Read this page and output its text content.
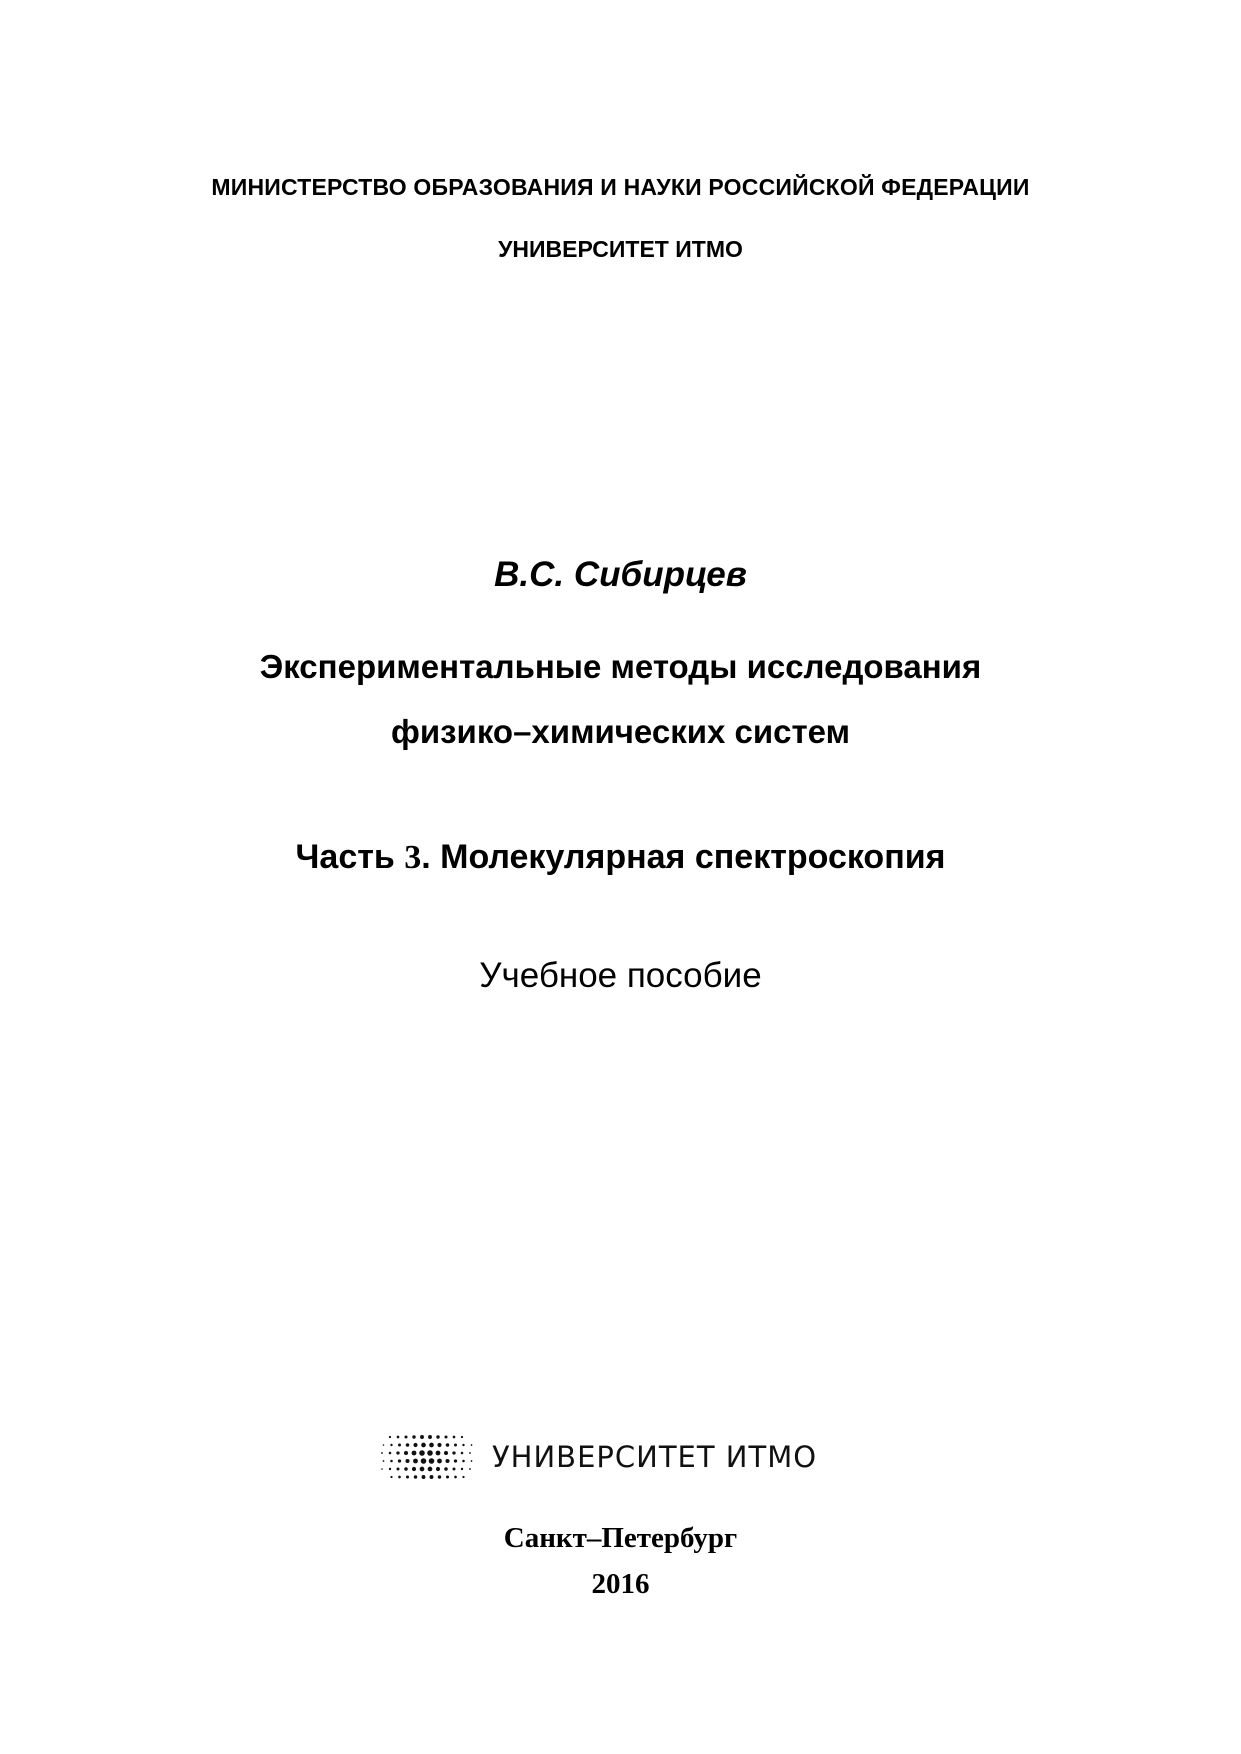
МИНИСТЕРСТВО ОБРАЗОВАНИЯ И НАУКИ РОССИЙСКОЙ ФЕДЕРАЦИИ
УНИВЕРСИТЕТ ИТМО
В.С. Сибирцев
Экспериментальные методы исследования
физико–химических систем
Часть 3. Молекулярная спектроскопия
Учебное пособие
УНИВЕРСИТЕТ ИТМО
Санкт–Петербург
2016
